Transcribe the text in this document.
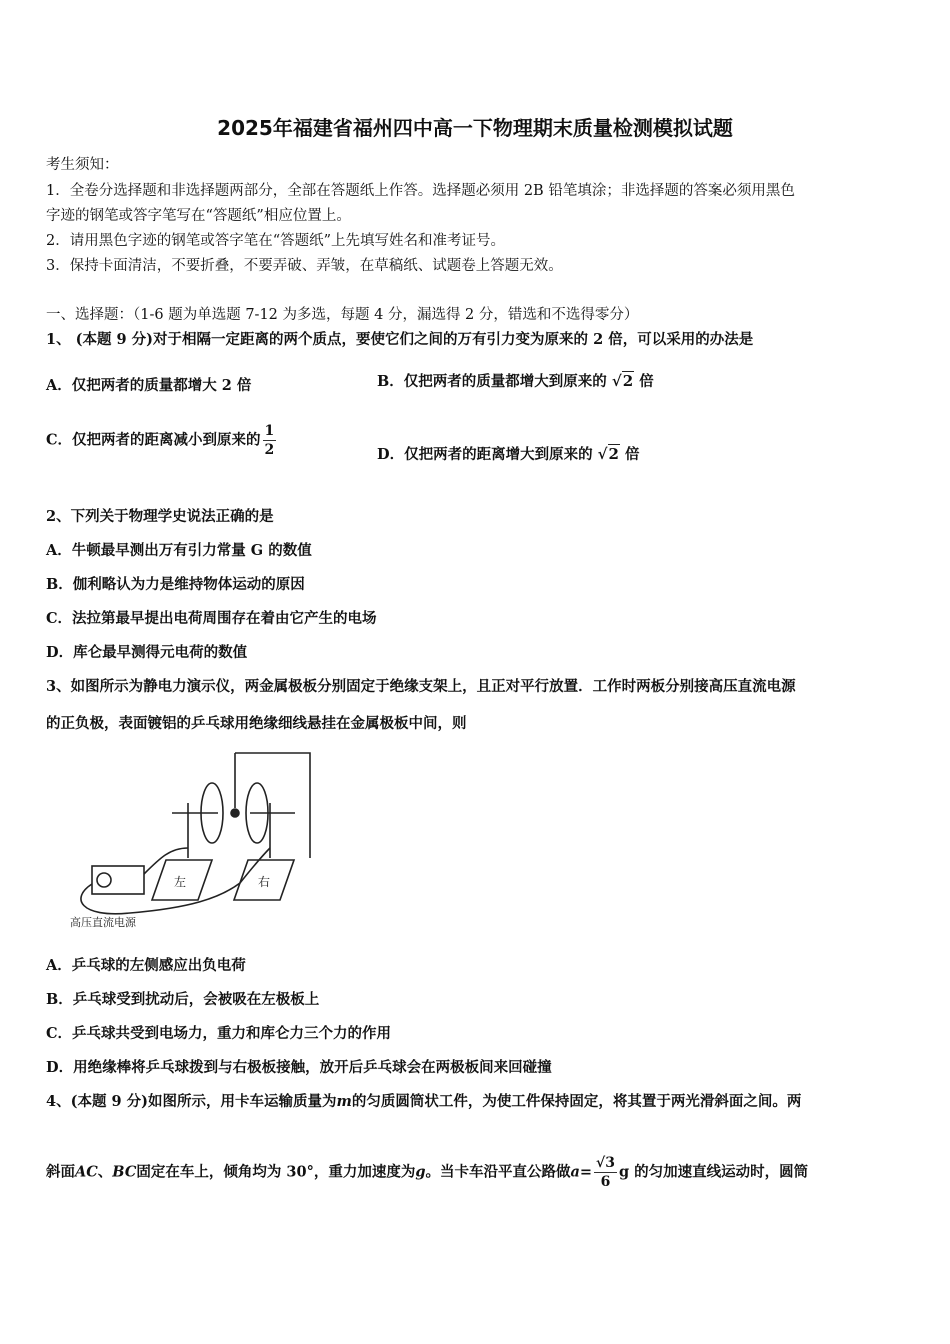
2025年福建省福州四中高一下物理期末质量检测模拟试题
考生须知：
1．全卷分选择题和非选择题两部分，全部在答题纸上作答。选择题必须用 2B 铅笔填涂；非选择题的答案必须用黑色
字迹的钢笔或答字笔写在“答题纸”相应位置上。
2．请用黑色字迹的钢笔或答字笔在“答题纸”上先填写姓名和准考证号。
3．保持卡面清洁，不要折叠，不要弄破、弄皱，在草稿纸、试题卷上答题无效。
一、选择题：（1-6 题为单选题 7-12 为多选，每题 4 分，漏选得 2 分，错选和不选得零分）
1、 (本题 9 分)对于相隔一定距离的两个质点，要使它们之间的万有引力变为原来的 2 倍，可以采用的办法是
A．仅把两者的质量都增大 2 倍	B．仅把两者的质量都增大到原来的 √2 倍
C．仅把两者的距离减小到原来的 $\frac{1}{2}$	D．仅把两者的距离增大到原来的 √2 倍
2、下列关于物理学史说法正确的是
A．牛顿最早测出万有引力常量 G 的数值
B．伽利略认为力是维持物体运动的原因
C．法拉第最早提出电荷周围存在着由它产生的电场
D．库仑最早测得元电荷的数值
3、如图所示为静电力演示仪，两金属极板分别固定于绝缘支架上，且正对平行放置．工作时两板分别接高压直流电源
的正负极，表面镀铝的乒乓球用绝缘细线悬挂在金属极板中间，则
左	右
高压直流电源
A．乒乓球的左侧感应出负电荷
B．乒乓球受到扰动后，会被吸在左极板上
C．乒乓球共受到电场力，重力和库仑力三个力的作用
D．用绝缘棒将乒乓球拨到与右极板接触，放开后乒乓球会在两极板间来回碰撞
4、(本题 9 分)如图所示，用卡车运输质量为m的匀质圆筒状工件，为使工件保持固定，将其置于两光滑斜面之间。两
斜面AC、BC固定在车上，倾角均为 30°，重力加速度为g。当卡车沿平直公路做$a= \frac{√3}{6}$ g 的匀加速直线运动时，圆筒
